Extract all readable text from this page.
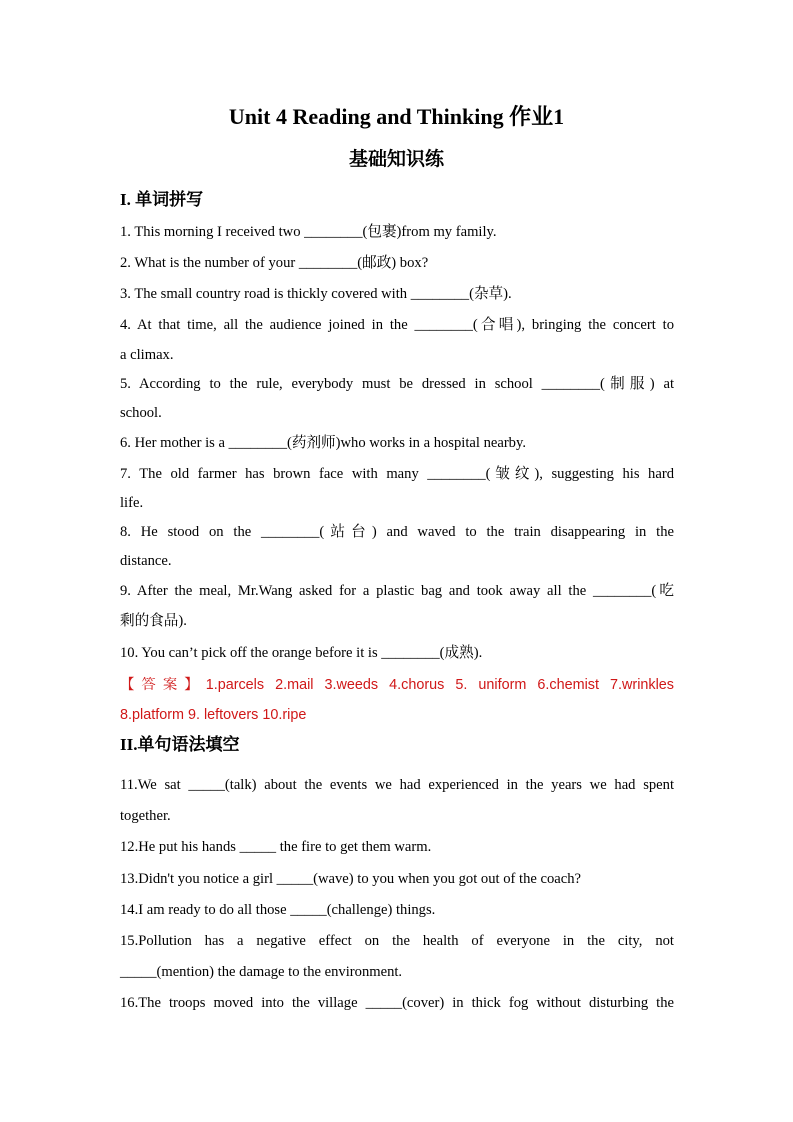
Unit 4 Reading and Thinking 作业1
基础知识练
I. 单词拼写
1. This morning I received two ________(包裹)from my family.
2. What is the number of your ________(邮政) box?
3. The small country road is thickly covered with ________(杂草).
4. At that time, all the audience joined in the ________(合唱), bringing the concert to
a climax.
5. According to the rule, everybody must be dressed in school ________(制服) at
school.
6. Her mother is a ________(药剂师)who works in a hospital nearby.
7. The old farmer has brown face with many ________(皱纹), suggesting his hard
life.
8. He stood on the ________(站台) and waved to the train disappearing in the
distance.
9. After the meal, Mr.Wang asked for a plastic bag and took away all the ________(吃
剩的食品).
10. You can’t pick off the orange before it is ________(成熟).
【答案】1.parcels 2.mail 3.weeds 4.chorus 5. uniform 6.chemist 7.wrinkles
8.platform 9. leftovers 10.ripe
II.单句语法填空
11.We sat _____(talk) about the events we had experienced in the years we had spent
together.
12.He put his hands _____ the fire to get them warm.
13.Didn't you notice a girl _____(wave) to you when you got out of the coach?
14.I am ready to do all those _____(challenge) things.
15.Pollution has a negative effect on the health of everyone in the city, not
_____(mention) the damage to the environment.
16.The troops moved into the village _____(cover) in thick fog without disturbing the
